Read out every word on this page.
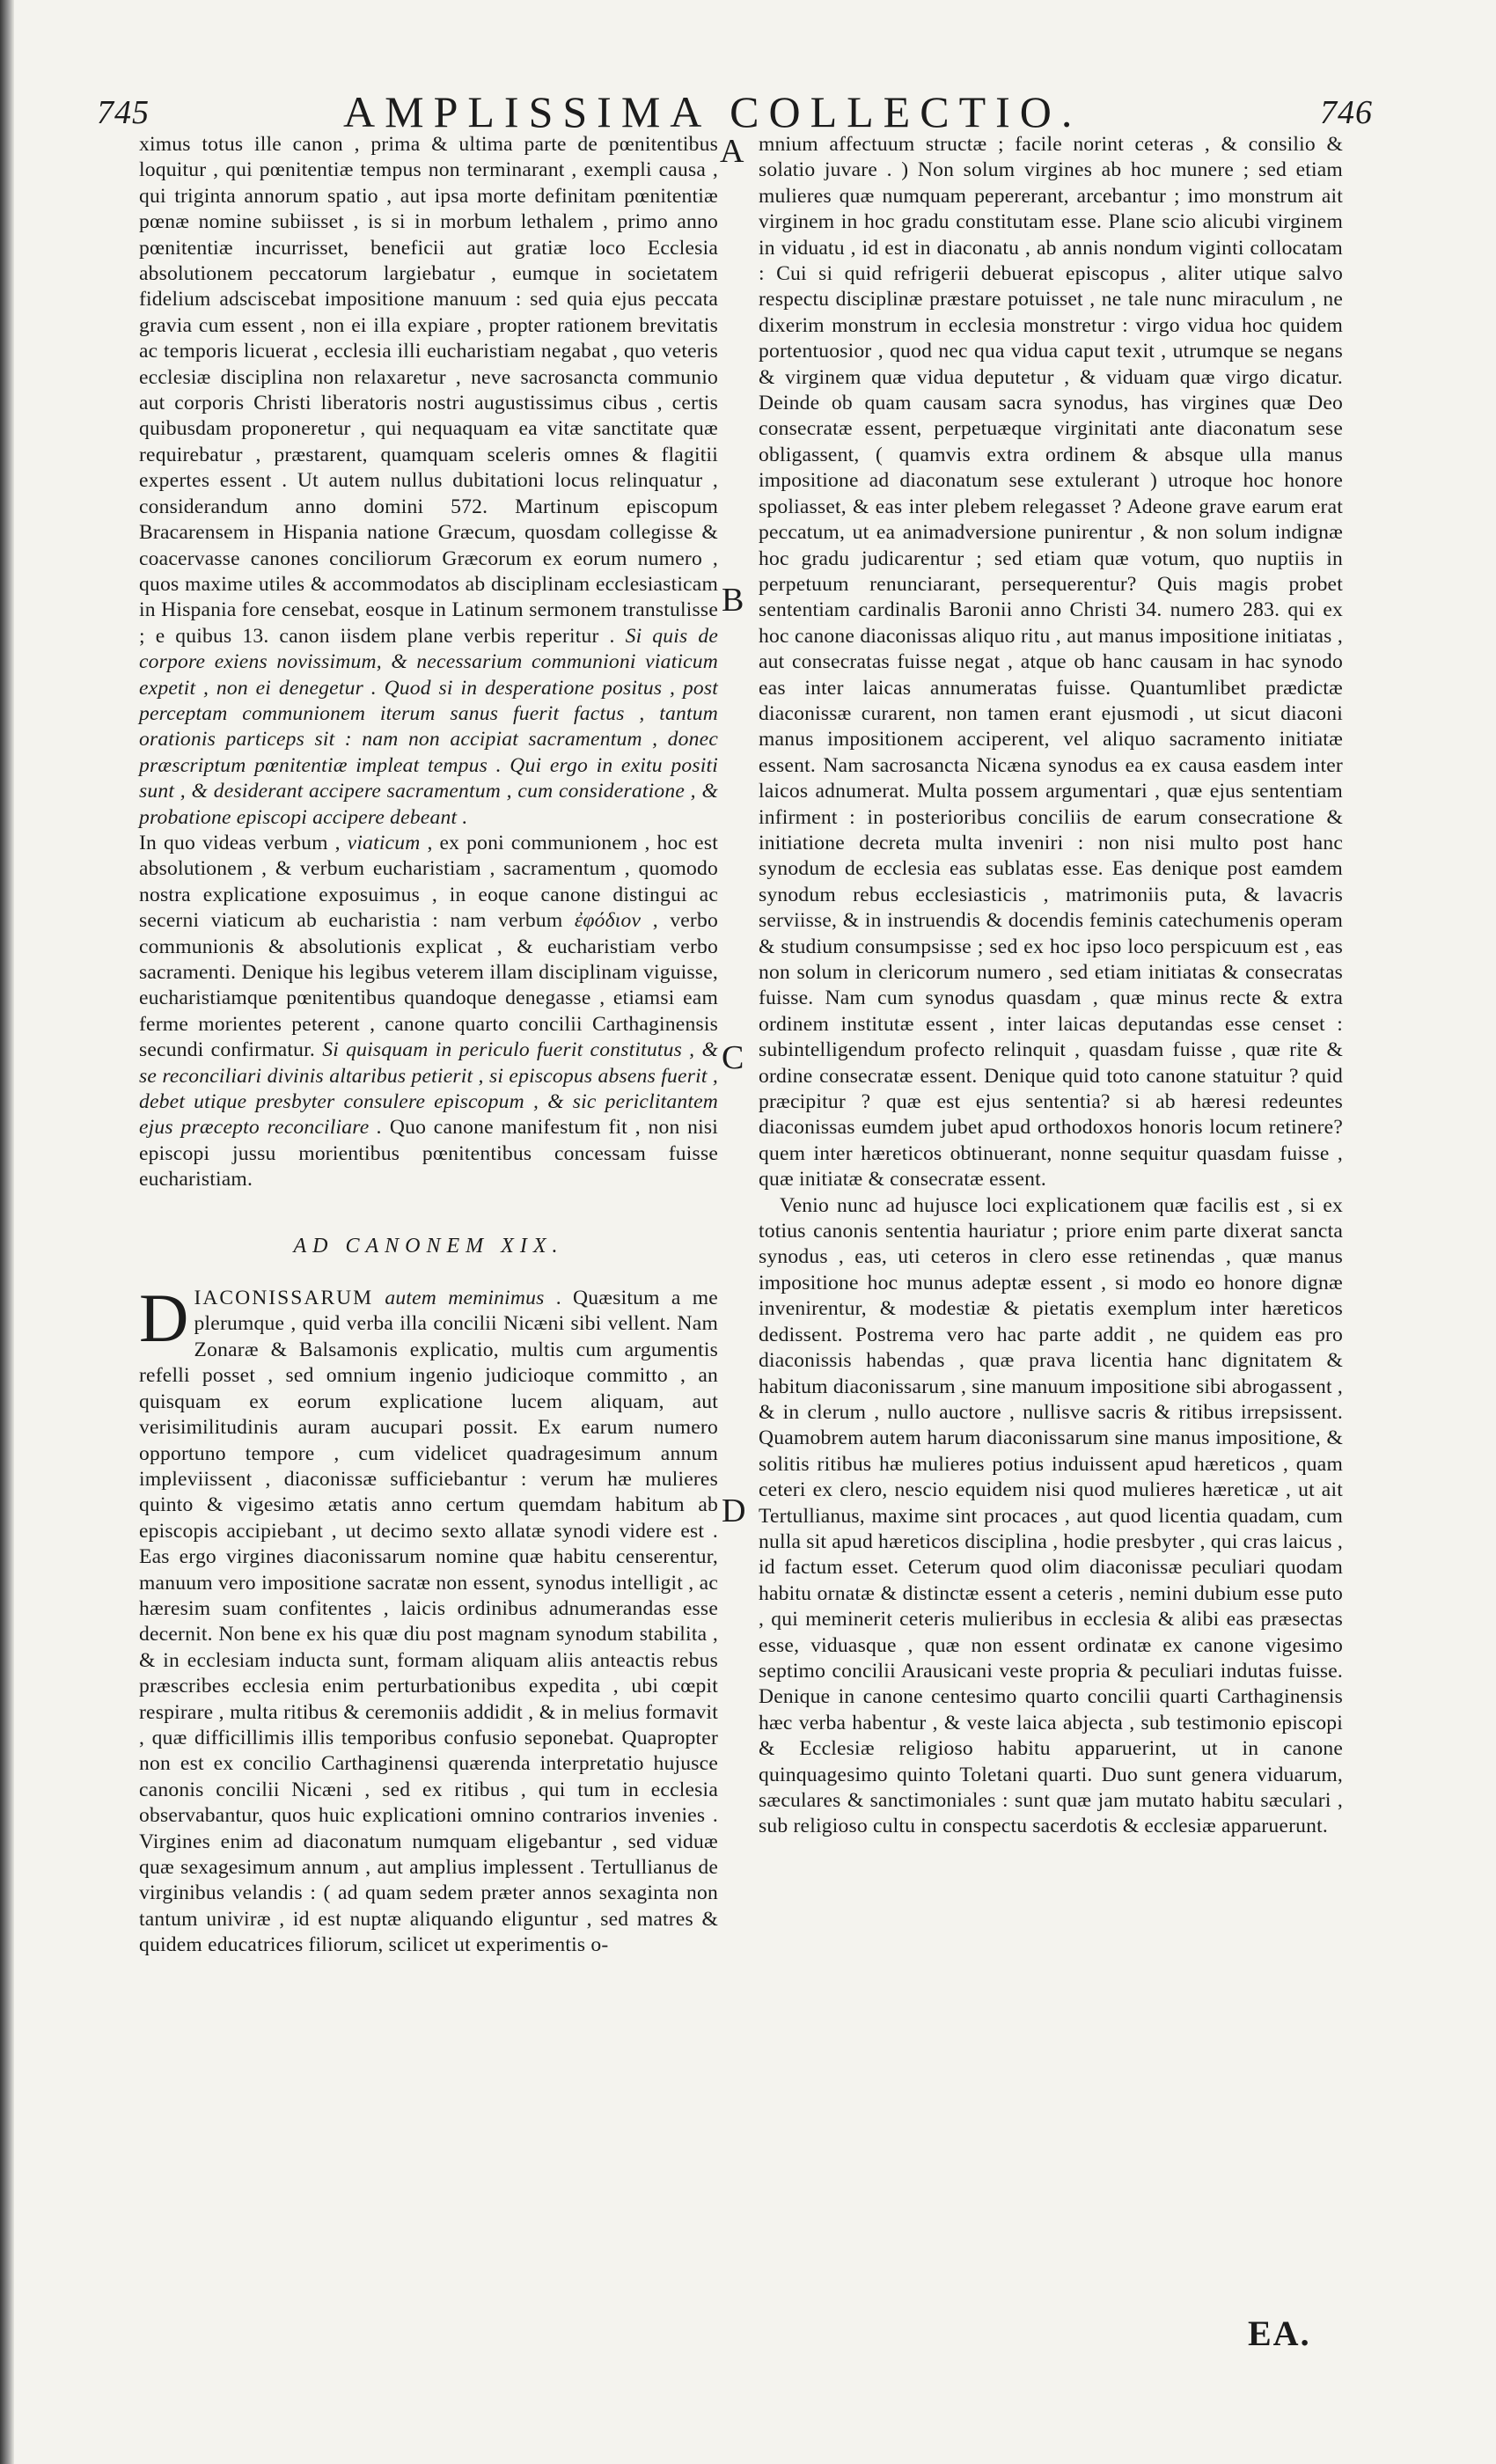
745	AMPLISSIMA COLLECTIO.	746
A
B
C
D

ximus totus ille canon , prima & ultima parte de pœnitentibus loquitur , qui pœnitentiæ tempus non terminarant , exempli causa , qui triginta annorum spatio , aut ipsa morte definitam pœnitentiæ pœnæ nomine subiisset , is si in morbum lethalem , primo anno pœnitentiæ incurrisset, beneficii aut gratiæ loco Ecclesia absolutionem peccatorum largiebatur , eumque in societatem fidelium adsciscebat impositione manuum : sed quia ejus peccata gravia cum essent , non ei illa expiare , propter rationem brevitatis ac temporis licuerat , ecclesia illi eucharistiam negabat , quo veteris ecclesiæ disciplina non relaxaretur , neve sacrosancta communio aut corporis Christi liberatoris nostri augustissimus cibus , certis quibusdam proponeretur , qui nequaquam ea vitæ sanctitate quæ requirebatur , præstarent, quamquam sceleris omnes & flagitii expertes essent . Ut autem nullus dubitationi locus relinquatur , considerandum anno domini 572. Martinum episcopum Bracarensem in Hispania natione Græcum, quosdam collegisse & coacervasse canones conciliorum Græcorum ex eorum numero , quos maxime utiles & accommodatos ab disciplinam ecclesiasticam in Hispania fore censebat, eosque in Latinum sermonem transtulisse ; e quibus 13. canon iisdem plane verbis reperitur . Si quis de corpore exiens novissimum, & necessarium communioni viaticum expetit , non ei denegetur . Quod si in desperatione positus , post perceptam communionem iterum sanus fuerit factus , tantum orationis particeps sit : nam non accipiat sacramentum , donec præscriptum pœnitentiæ impleat tempus . Qui ergo in exitu positi sunt , & desiderant accipere sacramentum , cum consideratione , & probatione episcopi accipere debeant .

In quo videas verbum , viaticum , ex poni communionem , hoc est absolutionem , & verbum eucharistiam , sacramentum , quomodo nostra explicatione exposuimus , in eoque canone distingui ac secerni viaticum ab eucharistia : nam verbum ἐφόδιον , verbo communionis & absolutionis explicat , & eucharistiam verbo sacramenti. Denique his legibus veterem illam disciplinam viguisse, eucharistiamque pœnitentibus quandoque denegasse , etiamsi eam ferme morientes peterent , canone quarto concilii Carthaginensis secundi confirmatur. Si quisquam in periculo fuerit constitutus , & se reconciliari divinis altaribus petierit , si episcopus absens fuerit , debet utique presbyter consulere episcopum , & sic periclitantem ejus præcepto reconciliare . Quo canone manifestum fit , non nisi episcopi jussu morientibus pœnitentibus concessam fuisse eucharistiam.

AD CANONEM XIX.

D IACONISSARUM autem meminimus . Quæsitum a me plerumque , quid verba illa concilii Nicæni sibi vellent. Nam Zonaræ & Balsamonis explicatio, multis cum argumentis refelli posset , sed omnium ingenio judicioque committo , an quisquam ex eorum explicatione lucem aliquam, aut verisimilitudinis auram aucupari possit. Ex earum numero opportuno tempore , cum videlicet quadragesimum annum impleviissent , diaconissæ sufficiebantur : verum hæ mulieres quinto & vigesimo ætatis anno certum quemdam habitum ab episcopis accipiebant , ut decimo sexto allatæ synodi videre est . Eas ergo virgines diaconissarum nomine quæ habitu censerentur, manuum vero impositione sacratæ non essent, synodus intelligit , ac hæresim suam confitentes , laicis ordinibus adnumerandas esse decernit. Non bene ex his quæ diu post magnam synodum stabilita , & in ecclesiam inducta sunt, formam aliquam aliis anteactis rebus præscribes ecclesia enim perturbationibus expedita , ubi cœpit respirare , multa ritibus & ceremoniis addidit , & in melius formavit , quæ difficillimis illis temporibus confusio seponebat. Quapropter non est ex concilio Carthaginensi quærenda interpretatio hujusce canonis concilii Nicæni , sed ex ritibus , qui tum in ecclesia observabantur, quos huic explicationi omnino contrarios invenies . Virgines enim ad diaconatum numquam eligebantur , sed viduæ quæ sexagesimum annum , aut amplius implessent . Tertullianus de virginibus velandis : ( ad quam sedem præter annos sexaginta non tantum univiræ , id est nuptæ aliquando eliguntur , sed matres & quidem educatrices filiorum, scilicet ut experimentis o-

mnium affectuum structæ ; facile norint ceteras , & consilio & solatio juvare . ) Non solum virgines ab hoc munere ; sed etiam mulieres quæ numquam pepererant, arcebantur ; imo monstrum ait virginem in hoc gradu constitutam esse. Plane scio alicubi virginem in viduatu , id est in diaconatu , ab annis nondum viginti collocatam : Cui si quid refrigerii debuerat episcopus , aliter utique salvo respectu disciplinæ præstare potuisset , ne tale nunc miraculum , ne dixerim monstrum in ecclesia monstretur : virgo vidua hoc quidem portentuosior , quod nec qua vidua caput texit , utrumque se negans & virginem quæ vidua deputetur , & viduam quæ virgo dicatur. Deinde ob quam causam sacra synodus, has virgines quæ Deo consecratæ essent, perpetuæque virginitati ante diaconatum sese obligassent, ( quamvis extra ordinem & absque ulla manus impositione ad diaconatum sese extulerant ) utroque hoc honore spoliasset, & eas inter plebem relegasset ? Adeone grave earum erat peccatum, ut ea animadversione punirentur , & non solum indignæ hoc gradu judicarentur ; sed etiam quæ votum, quo nuptiis in perpetuum renunciarant, persequerentur? Quis magis probet sententiam cardinalis Baronii anno Christi 34. numero 283. qui ex hoc canone diaconissas aliquo ritu , aut manus impositione initiatas , aut consecratas fuisse negat , atque ob hanc causam in hac synodo eas inter laicas annumeratas fuisse. Quantumlibet prædictæ diaconissæ curarent, non tamen erant ejusmodi , ut sicut diaconi manus impositionem acciperent, vel aliquo sacramento initiatæ essent. Nam sacrosancta Nicæna synodus ea ex causa easdem inter laicos adnumerat. Multa possem argumentari , quæ ejus sententiam infirment : in posterioribus conciliis de earum consecratione & initiatione decreta multa inveniri : non nisi multo post hanc synodum de ecclesia eas sublatas esse. Eas denique post eamdem synodum rebus ecclesiasticis , matrimoniis puta, & lavacris serviisse, & in instruendis & docendis feminis catechumenis operam & studium consumpsisse ; sed ex hoc ipso loco perspicuum est , eas non solum in clericorum numero , sed etiam initiatas & consecratas fuisse. Nam cum synodus quasdam , quæ minus recte & extra ordinem institutæ essent , inter laicas deputandas esse censet : subintelligendum profecto relinquit , quasdam fuisse , quæ rite & ordine consecratæ essent. Denique quid toto canone statuitur ? quid præcipitur ? quæ est ejus sententia? si ab hæresi redeuntes diaconissas eumdem jubet apud orthodoxos honoris locum retinere? quem inter hæreticos obtinuerant, nonne sequitur quasdam fuisse , quæ initiatæ & consecratæ essent.

Venio nunc ad hujusce loci explicationem quæ facilis est , si ex totius canonis sententia hauriatur ; priore enim parte dixerat sancta synodus , eas, uti ceteros in clero esse retinendas , quæ manus impositione hoc munus adeptæ essent , si modo eo honore dignæ invenirentur, & modestiæ & pietatis exemplum inter hæreticos dedissent. Postrema vero hac parte addit , ne quidem eas pro diaconissis habendas , quæ prava licentia hanc dignitatem & habitum diaconissarum , sine manuum impositione sibi abrogassent , & in clerum , nullo auctore , nullisve sacris & ritibus irrepsissent. Quamobrem autem harum diaconissarum sine manus impositione, & solitis ritibus hæ mulieres potius induissent apud hæreticos , quam ceteri ex clero, nescio equidem nisi quod mulieres hæreticæ , ut ait Tertullianus, maxime sint procaces , aut quod licentia quadam, cum nulla sit apud hæreticos disciplina , hodie presbyter , qui cras laicus , id factum esset. Ceterum quod olim diaconissæ peculiari quodam habitu ornatæ & distinctæ essent a ceteris , nemini dubium esse puto , qui meminerit ceteris mulieribus in ecclesia & alibi eas præsectas esse, viduasque , quæ non essent ordinatæ ex canone vigesimo septimo concilii Arausicani veste propria & peculiari indutas fuisse. Denique in canone centesimo quarto concilii quarti Carthaginensis hæc verba habentur , & veste laica abjecta , sub testimonio episcopi & Ecclesiæ religioso habitu apparuerint, ut in canone quinquagesimo quinto Toletani quarti. Duo sunt genera viduarum, sæculares & sanctimoniales : sunt quæ jam mutato habitu sæculari , sub religioso cultu in conspectu sacerdotis & ecclesiæ apparuerunt.

EA.
